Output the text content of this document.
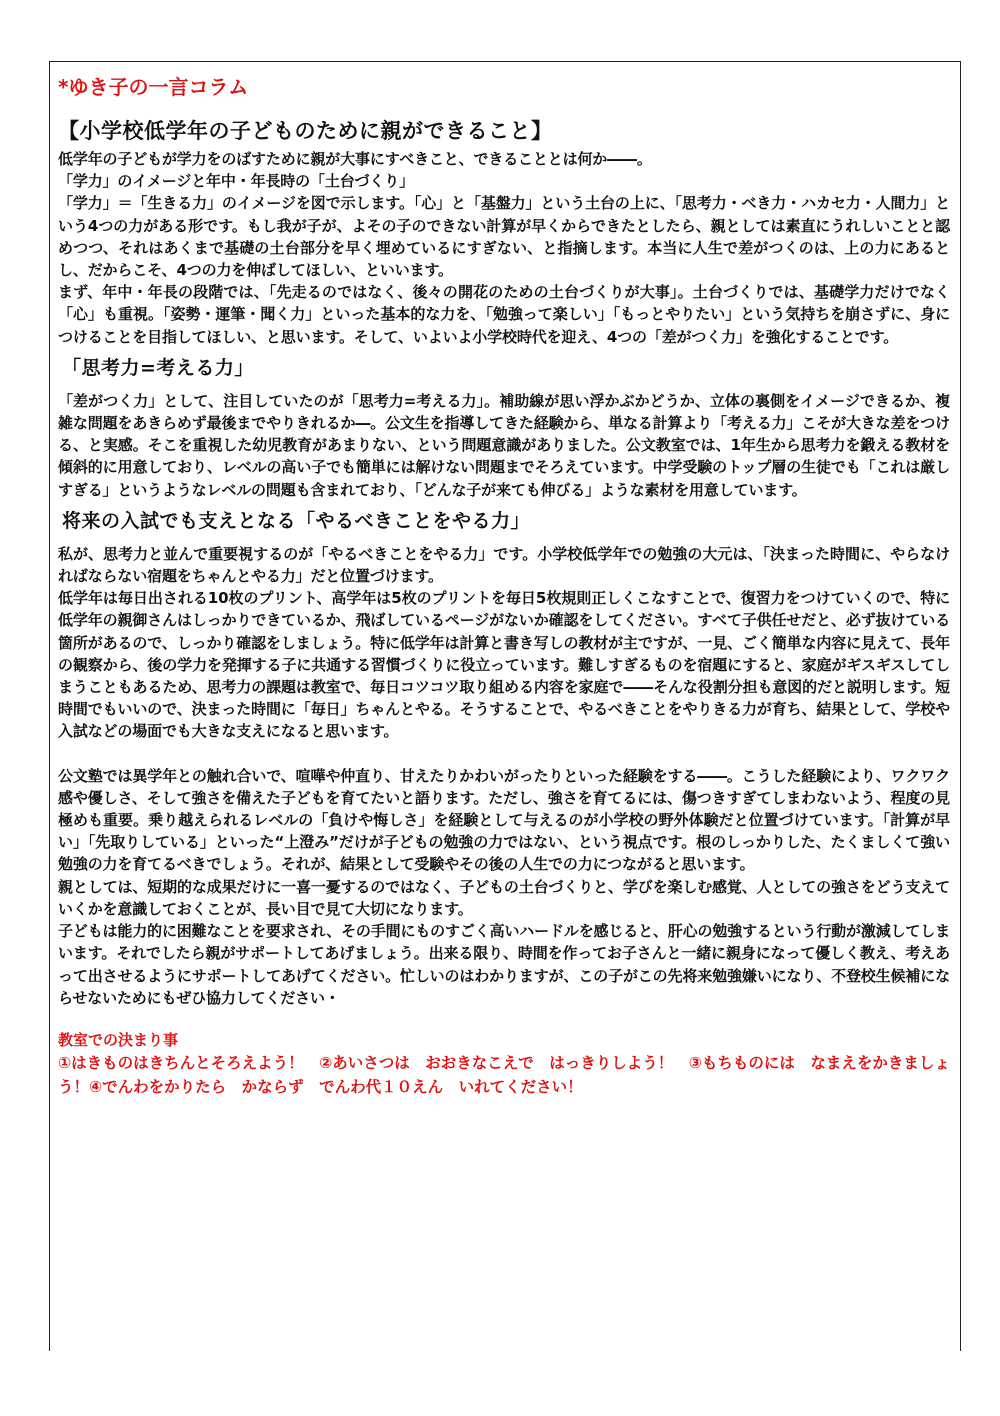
*ゆき子の一言コラム
【小学校低学年の子どものために親ができること】

低学年の子どもが学力をのばすために親が大事にすべきこと、できることとは何か――。

「学力」のイメージと年中・年長時の「土台づくり」

「学力」＝「生きる力」のイメージを図で示します。「心」と「基盤力」という土台の上に、「思考力・べき力・ハカセ力・人間力」という4つの力がある形です。もし我が子が、よその子のできない計算が早くからできたとしたら、親としては素直にうれしいことと認めつつ、それはあくまで基礎の土台部分を早く埋めているにすぎない、と指摘します。本当に人生で差がつくのは、上の力にあるとし、だからこそ、4つの力を伸ばしてほしい、といいます。

まず、年中・年長の段階では、「先走るのではなく、後々の開花のための土台づくりが大事」。土台づくりでは、基礎学力だけでなく「心」も重視。「姿勢・運筆・聞く力」といった基本的な力を、「勉強って楽しい」「もっとやりたい」という気持ちを崩さずに、身につけることを目指してほしい、と思います。そして、いよいよ小学校時代を迎え、4つの「差がつく力」を強化することです。

「思考力=考える力」

「差がつく力」として、注目していたのが「思考力=考える力」。補助線が思い浮かぶかどうか、立体の裏側をイメージできるか、複雑な問題をあきらめず最後までやりきれるか―。公文生を指導してきた経験から、単なる計算より「考える力」こそが大きな差をつける、と実感。そこを重視した幼児教育があまりない、という問題意識がありました。公文教室では、1年生から思考力を鍛える教材を傾斜的に用意しており、レベルの高い子でも簡単には解けない問題までそろえています。中学受験のトップ層の生徒でも「これは厳しすぎる」というようなレベルの問題も含まれており、「どんな子が来ても伸びる」ような素材を用意しています。

将来の入試でも支えとなる「やるべきことをやる力」

私が、思考力と並んで重要視するのが「やるべきことをやる力」です。小学校低学年での勉強の大元は、「決まった時間に、やらなければならない宿題をちゃんとやる力」だと位置づけます。

低学年は毎日出される10枚のプリント、高学年は5枚のプリントを毎日5枚規則正しくこなすことで、復習力をつけていくので、特に低学年の親御さんはしっかりできているか、飛ばしているページがないか確認をしてください。すべて子供任せだと、必ず抜けている箇所があるので、しっかり確認をしましょう。特に低学年は計算と書き写しの教材が主ですが、一見、ごく簡単な内容に見えて、長年の観察から、後の学力を発揮する子に共通する習慣づくりに役立っています。難しすぎるものを宿題にすると、家庭がギスギスしてしまうこともあるため、思考力の課題は教室で、毎日コツコツ取り組める内容を家庭で――そんな役割分担も意図的だと説明します。短時間でもいいので、決まった時間に「毎日」ちゃんとやる。そうすることで、やるべきことをやりきる力が育ち、結果として、学校や入試などの場面でも大きな支えになると思います。

公文塾では異学年との触れ合いで、喧嘩や仲直り、甘えたりかわいがったりといった経験をする――。こうした経験により、ワクワク感や優しさ、そして強さを備えた子どもを育てたいと語ります。ただし、強さを育てるには、傷つきすぎてしまわないよう、程度の見極めも重要。乗り越えられるレベルの「負けや悔しさ」を経験として与えるのが小学校の野外体験だと位置づけています。「計算が早い」「先取りしている」といった“上澄み”だけが子どもの勉強の力ではない、という視点です。根のしっかりした、たくましくて強い勉強の力を育てるべきでしょう。それが、結果として受験やその後の人生での力につながると思います。

親としては、短期的な成果だけに一喜一憂するのではなく、子どもの土台づくりと、学びを楽しむ感覚、人としての強さをどう支えていくかを意識しておくことが、長い目で見て大切になります。

子どもは能力的に困難なことを要求され、その手間にものすごく高いハードルを感じると、肝心の勉強するという行動が激減してしまいます。それでしたら親がサポートしてあげましょう。出来る限り、時間を作ってお子さんと一緒に親身になって優しく教え、考えあって出させるようにサポートしてあげてください。忙しいのはわかりますが、この子がこの先将来勉強嫌いになり、不登校生候補にならせないためにもぜひ協力してください・

教室での決まり事

①はきものはきちんとそろえよう！　②あいさつは　おおきなこえで　はっきりしよう！　③もちものには　なまえをかきましょう！④でんわをかりたら　かならず　でんわ代１０えん　いれてください！
